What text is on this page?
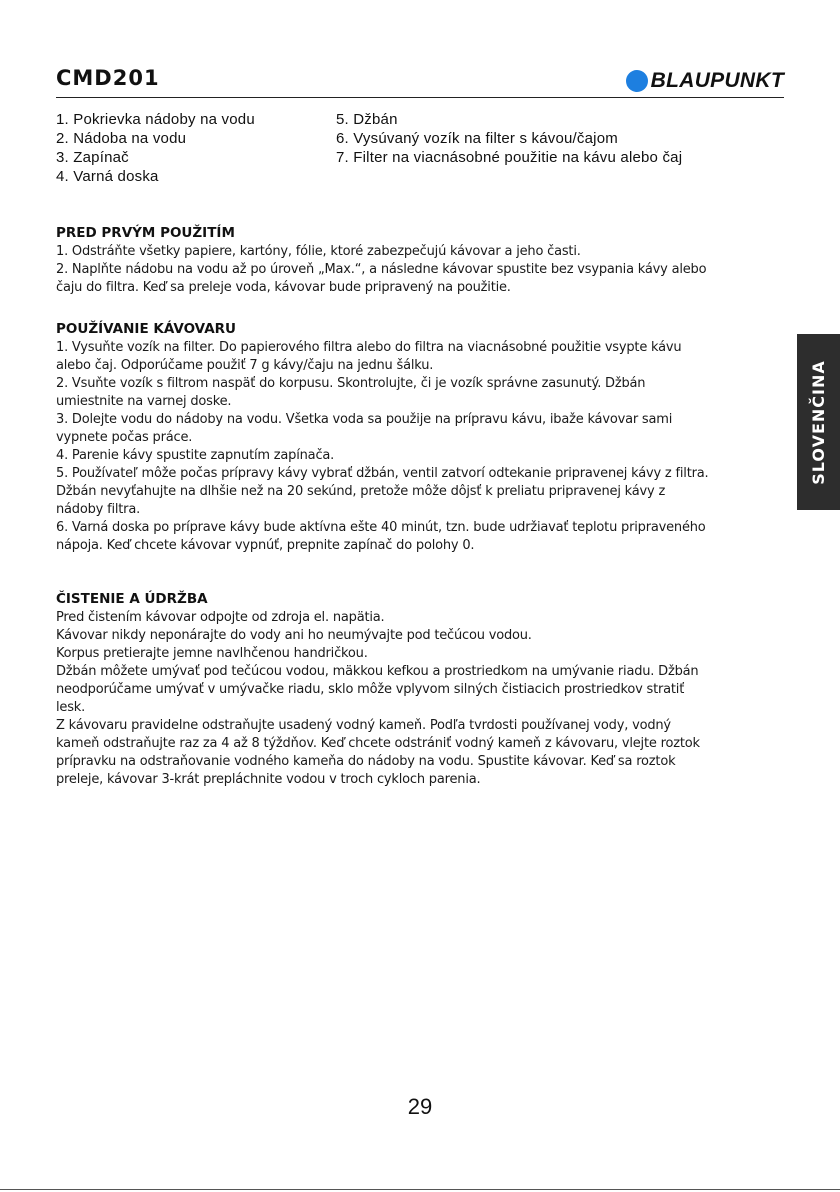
CMD201	BLAUPUNKT
1. Pokrievka nádoby na vodu
2. Nádoba na vodu
3. Zapínač
4. Varná doska
5. Džbán
6. Vysúvaný vozík na filter s kávou/čajom
7. Filter na viacnásobné použitie na kávu alebo čaj
PRED PRVÝM POUŽITÍM
1. Odstráňte všetky papiere, kartóny, fólie, ktoré zabezpečujú kávovar a jeho časti.
2. Naplňte nádobu na vodu až po úroveň „Max.“, a následne kávovar spustite bez vsypania kávy alebo
čaju do filtra. Keď sa preleje voda, kávovar bude pripravený na použitie.
POUŽÍVANIE KÁVOVARU
1. Vysuňte vozík na filter. Do papierového filtra alebo do filtra na viacnásobné použitie vsypte kávu
alebo čaj. Odporúčame použiť 7 g kávy/čaju na jednu šálku.
2. Vsuňte vozík s filtrom naspäť do korpusu. Skontrolujte, či je vozík správne zasunutý. Džbán
umiestnite na varnej doske.
3. Dolejte vodu do nádoby na vodu. Všetka voda sa použije na prípravu kávu, ibaže kávovar sami
vypnete počas práce.
4. Parenie kávy spustite zapnutím zapínača.
5. Používateľ môže počas prípravy kávy vybrať džbán, ventil zatvorí odtekanie pripravenej kávy z filtra.
Džbán nevyťahujte na dlhšie než na 20 sekúnd, pretože môže dôjsť k preliatu pripravenej kávy z
nádoby filtra.
6. Varná doska po príprave kávy bude aktívna ešte 40 minút, tzn. bude udržiavať teplotu pripraveného
nápoja. Keď chcete kávovar vypnúť, prepnite zapínač do polohy 0.
ČISTENIE A ÚDRŽBA
Pred čistením kávovar odpojte od zdroja el. napätia.
Kávovar nikdy neponárajte do vody ani ho neumývajte pod tečúcou vodou.
Korpus pretierajte jemne navlhčenou handričkou.
Džbán môžete umývať pod tečúcou vodou, mäkkou kefkou a prostriedkom na umývanie riadu. Džbán
neodporúčame umývať v umývačke riadu, sklo môže vplyvom silných čistiacich prostriedkov stratiť
lesk.
Z kávovaru pravidelne odstraňujte usadený vodný kameň. Podľa tvrdosti používanej vody, vodný
kameň odstraňujte raz za 4 až 8 týždňov. Keď chcete odstrániť vodný kameň z kávovaru, vlejte roztok
prípravku na odstraňovanie vodného kameňa do nádoby na vodu. Spustite kávovar. Keď sa roztok
preleje, kávovar 3-krát prepláchnite vodou v troch cykloch parenia.
SLOVENČINA
29
